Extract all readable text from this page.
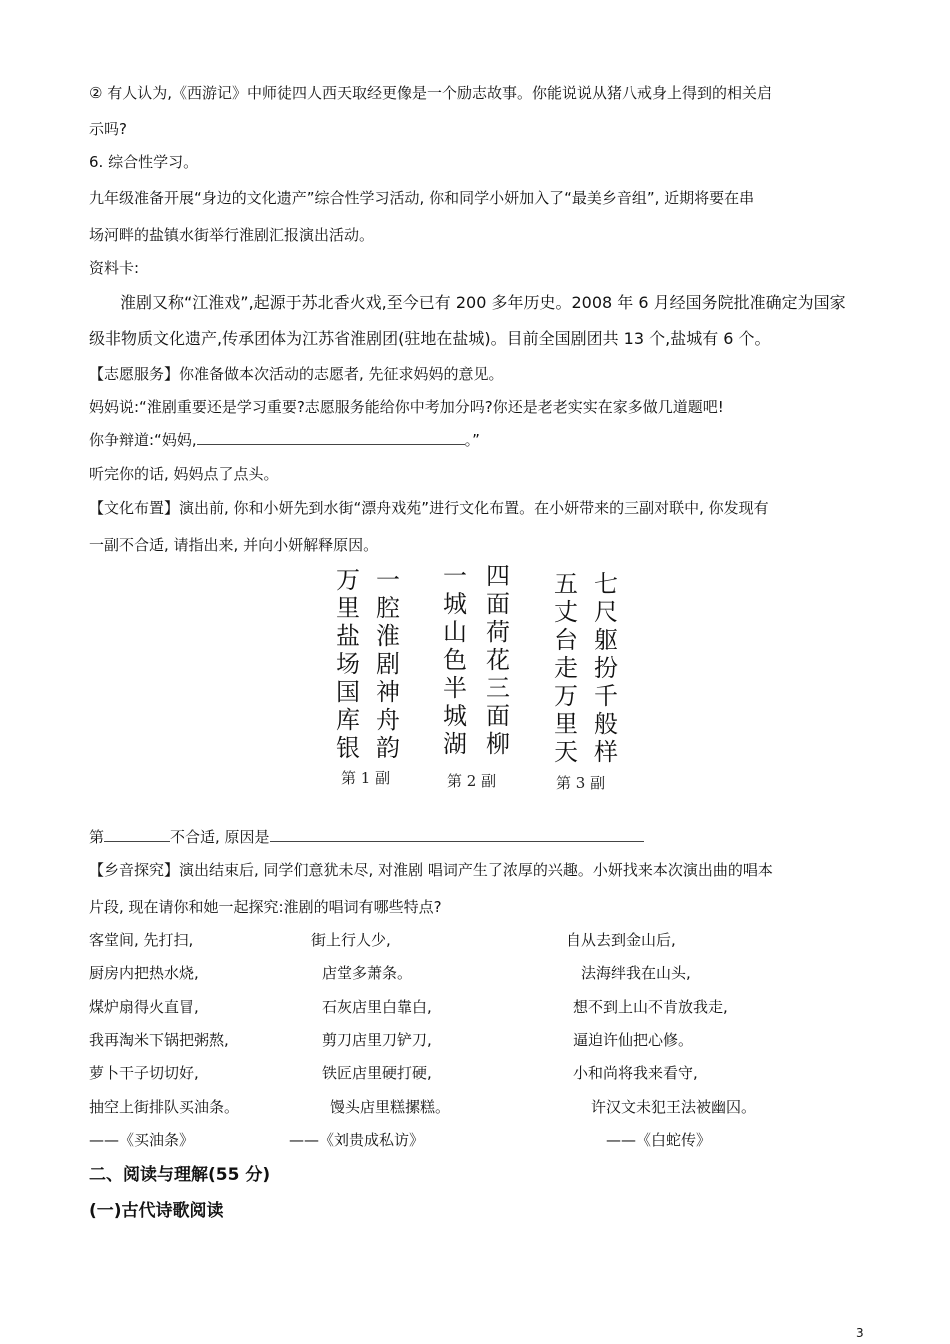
② 有人认为,《西游记》中师徒四人西天取经更像是一个励志故事。你能说说从猪八戒身上得到的相关启
示吗?
6. 综合性学习。
九年级准备开展“身边的文化遗产”综合性学习活动, 你和同学小妍加入了“最美乡音组”, 近期将要在串
场河畔的盐镇水街举行淮剧汇报演出活动。
资料卡:
淮剧又称“江淮戏”,起源于苏北香火戏,至今已有 200 多年历史。2008 年 6 月经国务院批准确定为国家
级非物质文化遗产,传承团体为江苏省淮剧团(驻地在盐城)。目前全国剧团共 13 个,盐城有 6 个。
【志愿服务】你准备做本次活动的志愿者, 先征求妈妈的意见。
妈妈说:“淮剧重要还是学习重要?志愿服务能给你中考加分吗?你还是老老实实在家多做几道题吧!
你争辩道:“妈妈,	。”
听完你的话, 妈妈点了点头。
【文化布置】演出前, 你和小妍先到水街“漂舟戏苑”进行文化布置。在小妍带来的三副对联中, 你发现有
一副不合适, 请指出来, 并向小妍解释原因。
万
里
盐
场
国
库
银
一
腔
淮
剧
神
舟
韵
第 1 副
一
城
山
色
半
城
湖
四
面
荷
花
三
面
柳
第 2 副
五
丈
台
走
万
里
天
七
尺
躯
扮
千
般
样
第 3 副
第	不合适, 原因是
【乡音探究】演出结束后, 同学们意犹未尽, 对淮剧 唱词产生了浓厚的兴趣。小妍找来本次演出曲的唱本
片段, 现在请你和她一起探究:淮剧的唱词有哪些特点?
客堂间, 先打扫,
厨房内把热水烧,
煤炉扇得火直冒,
我再淘米下锅把粥熬,
萝卜干子切切好,
抽空上街排队买油条。
街上行人少,
店堂多萧条。
石灰店里白靠白,
剪刀店里刀铲刀,
铁匠店里硬打硬,
馒头店里糕摞糕。
自从去到金山后,
法海绊我在山头,
想不到上山不肯放我走,
逼迫许仙把心修。
小和尚将我来看守,
许汉文未犯王法被幽囚。
——《买油条》	——《刘贵成私访》	——《白蛇传》
二、阅读与理解(55 分)
(一)古代诗歌阅读
3
